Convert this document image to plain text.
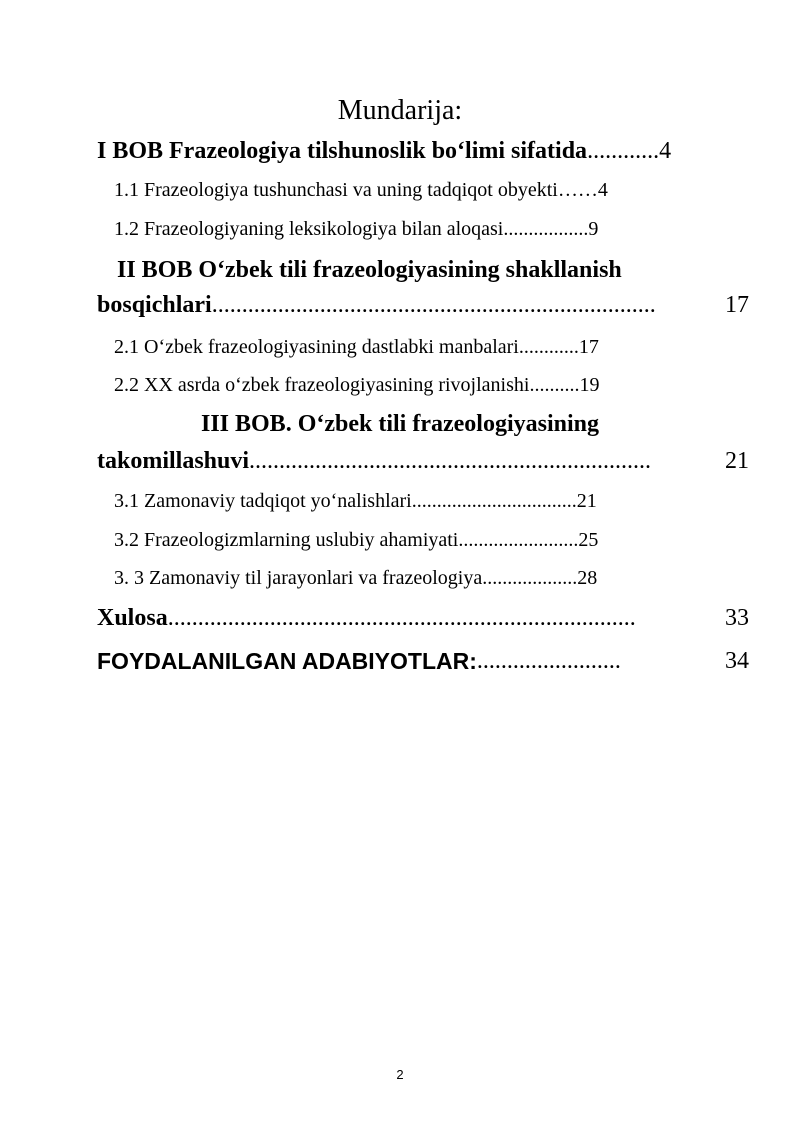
Mundarija:
I BOB Frazeologiya tilshunoslik bo‘limi sifatida............4
1.1 Frazeologiya tushunchasi va uning tadqiqot obyekti……4
1.2 Frazeologiyaning leksikologiya bilan aloqasi.................9
II BOB O‘zbek tili frazeologiyasining shakllanish
bosqichlari ..........................................................................	17
2.1 O‘zbek frazeologiyasining dastlabki manbalari............17
2.2 XX asrda o‘zbek frazeologiyasining rivojlanishi..........19
III BOB. O‘zbek tili frazeologiyasining
takomillashuvi ...................................................................	21
3.1 Zamonaviy tadqiqot yo‘nalishlari.................................21
3.2 Frazeologizmlarning uslubiy ahamiyati........................25
3. 3 Zamonaviy til jarayonlari va frazeologiya...................28
Xulosa ..............................................................................	33
FOYDALANILGAN ADABIYOTLAR: ........................	34
2
